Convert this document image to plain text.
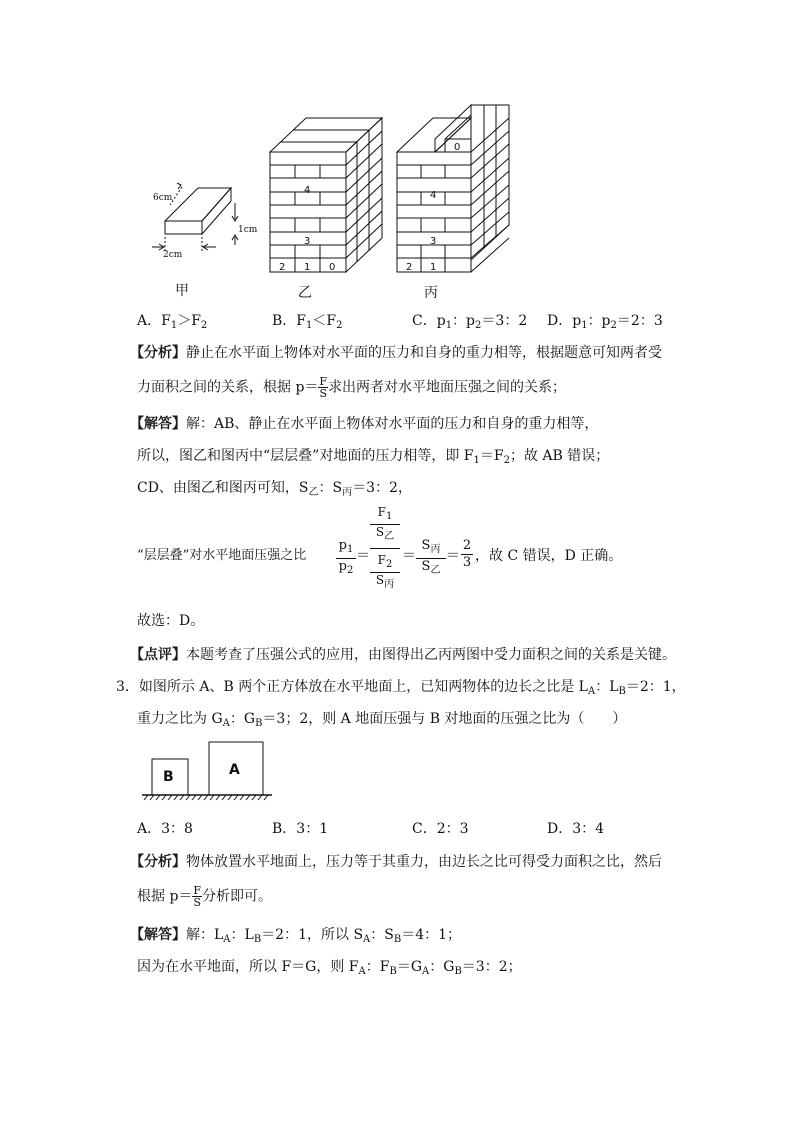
6cm
1cm
2cm
4
3
2 1 0
0
4
3
2 1
甲	乙	丙
A．$F_1>F_2$	B．$F_1<F_2$	C．$p_1$：$p_2=3$：2 D．$p_1$：$p_2=2$：3
【分析】静止在水平面上物体对水平面的压力和自身的重力相等，根据题意可知两者受
力面积之间的关系，根据 $p= \frac{F}{S}$ 求出两者对水平地面压强之间的关系；
【解答】解：AB、静止在水平面上物体对水平面的压力和自身的重力相等，
所以，图乙和图丙中“层层叠”对地面的压力相等，即 $F_1=F_2$；故 AB 错误；
CD、由图乙和图丙可知，$S_乙$：$S_丙=3$：2，
“层层叠”对水平地面压强之比
$p_1$
$p_2$
＝
$F_1$
$S_乙$
$F_2$
$S_丙$
＝
$S_丙$
$S_乙$
＝
2
3 ，故 C 错误，D 正确。
故选：D。
【点评】本题考查了压强公式的应用，由图得出乙丙两图中受力面积之间的关系是关键。
3．如图所示 A、B 两个正方体放在水平地面上，已知两物体的边长之比是 $L_A$：$L_B=2$：1，
重力之比为 $G_A$：$G_B=3$；2，则 A 地面压强与 B 对地面的压强之比为（　　）
B	A
A．3：8	B．3：1	C．2：3	D．3：4
【分析】物体放置水平地面上，压力等于其重力，由边长之比可得受力面积之比，然后
根据 $p= \frac{F}{S}$ 分析即可。
【解答】解：$L_A$：$L_B=2$：1，所以 $S_A$：$S_B=4$：1；
因为在水平地面，所以 F＝G，则 $F_A$：$F_B=G_A$：$G_B=3$：2；
